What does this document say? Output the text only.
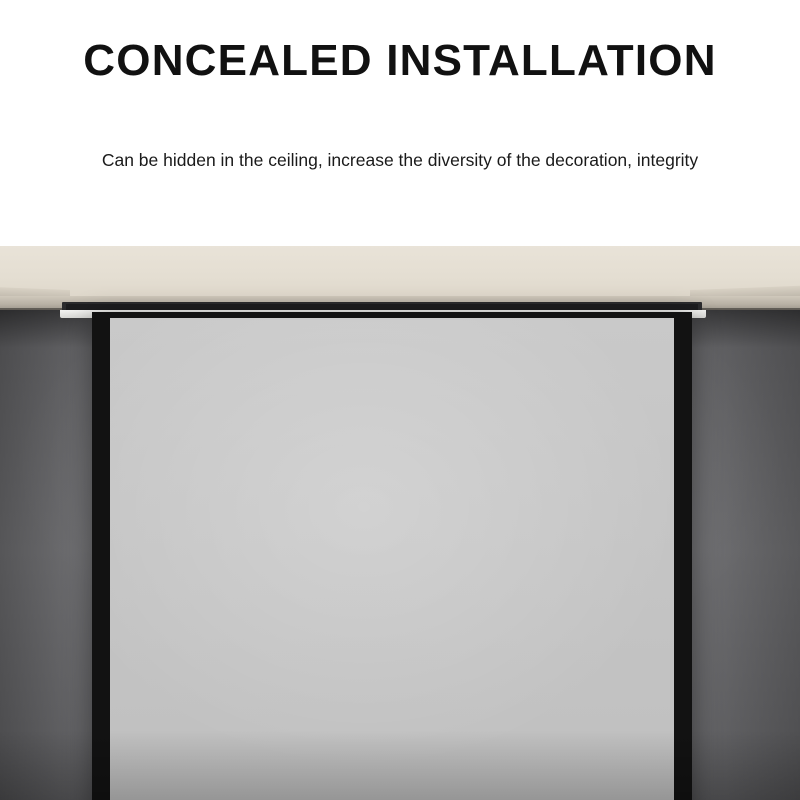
CONCEALED INSTALLATION
Can be hidden in the ceiling, increase the diversity of the decoration, integrity
